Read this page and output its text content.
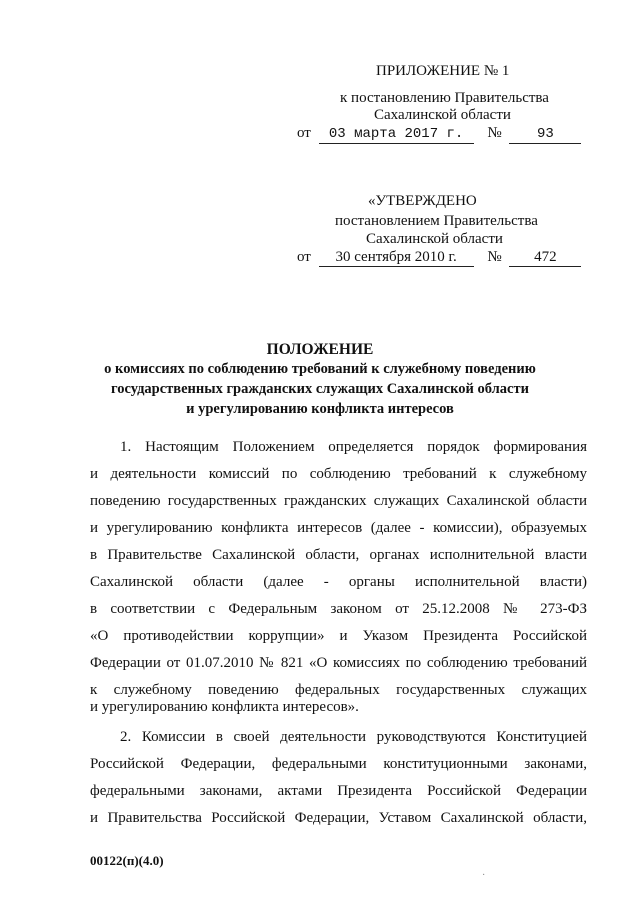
ПРИЛОЖЕНИЕ № 1
к постановлению Правительства
Сахалинской области
от 03 марта 2017 г. №	93
«УТВЕРЖДЕНО
постановлением Правительства
Сахалинской области
от 30 сентября 2010 г. № 472
ПОЛОЖЕНИЕ
о комиссиях по соблюдению требований к служебному поведению
государственных гражданских служащих Сахалинской области
и урегулированию конфликта интересов
1. Настоящим Положением определяется порядок формирования
и деятельности комиссий по соблюдению требований к служебному
поведению государственных гражданских служащих Сахалинской области
и урегулированию конфликта интересов (далее - комиссии), образуемых
в Правительстве Сахалинской области, органах исполнительной власти
Сахалинской области (далее - органы исполнительной власти)
в соответствии с Федеральным законом от 25.12.2008 № 273-ФЗ
«О противодействии коррупции» и Указом Президента Российской
Федерации от 01.07.2010 № 821 «О комиссиях по соблюдению требований
к служебному поведению федеральных государственных служащих
и урегулированию конфликта интересов».
2. Комиссии в своей деятельности руководствуются Конституцией
Российской Федерации, федеральными конституционными законами,
федеральными законами, актами Президента Российской Федерации
и Правительства Российской Федерации, Уставом Сахалинской области,
00122(п)(4.0)
·
